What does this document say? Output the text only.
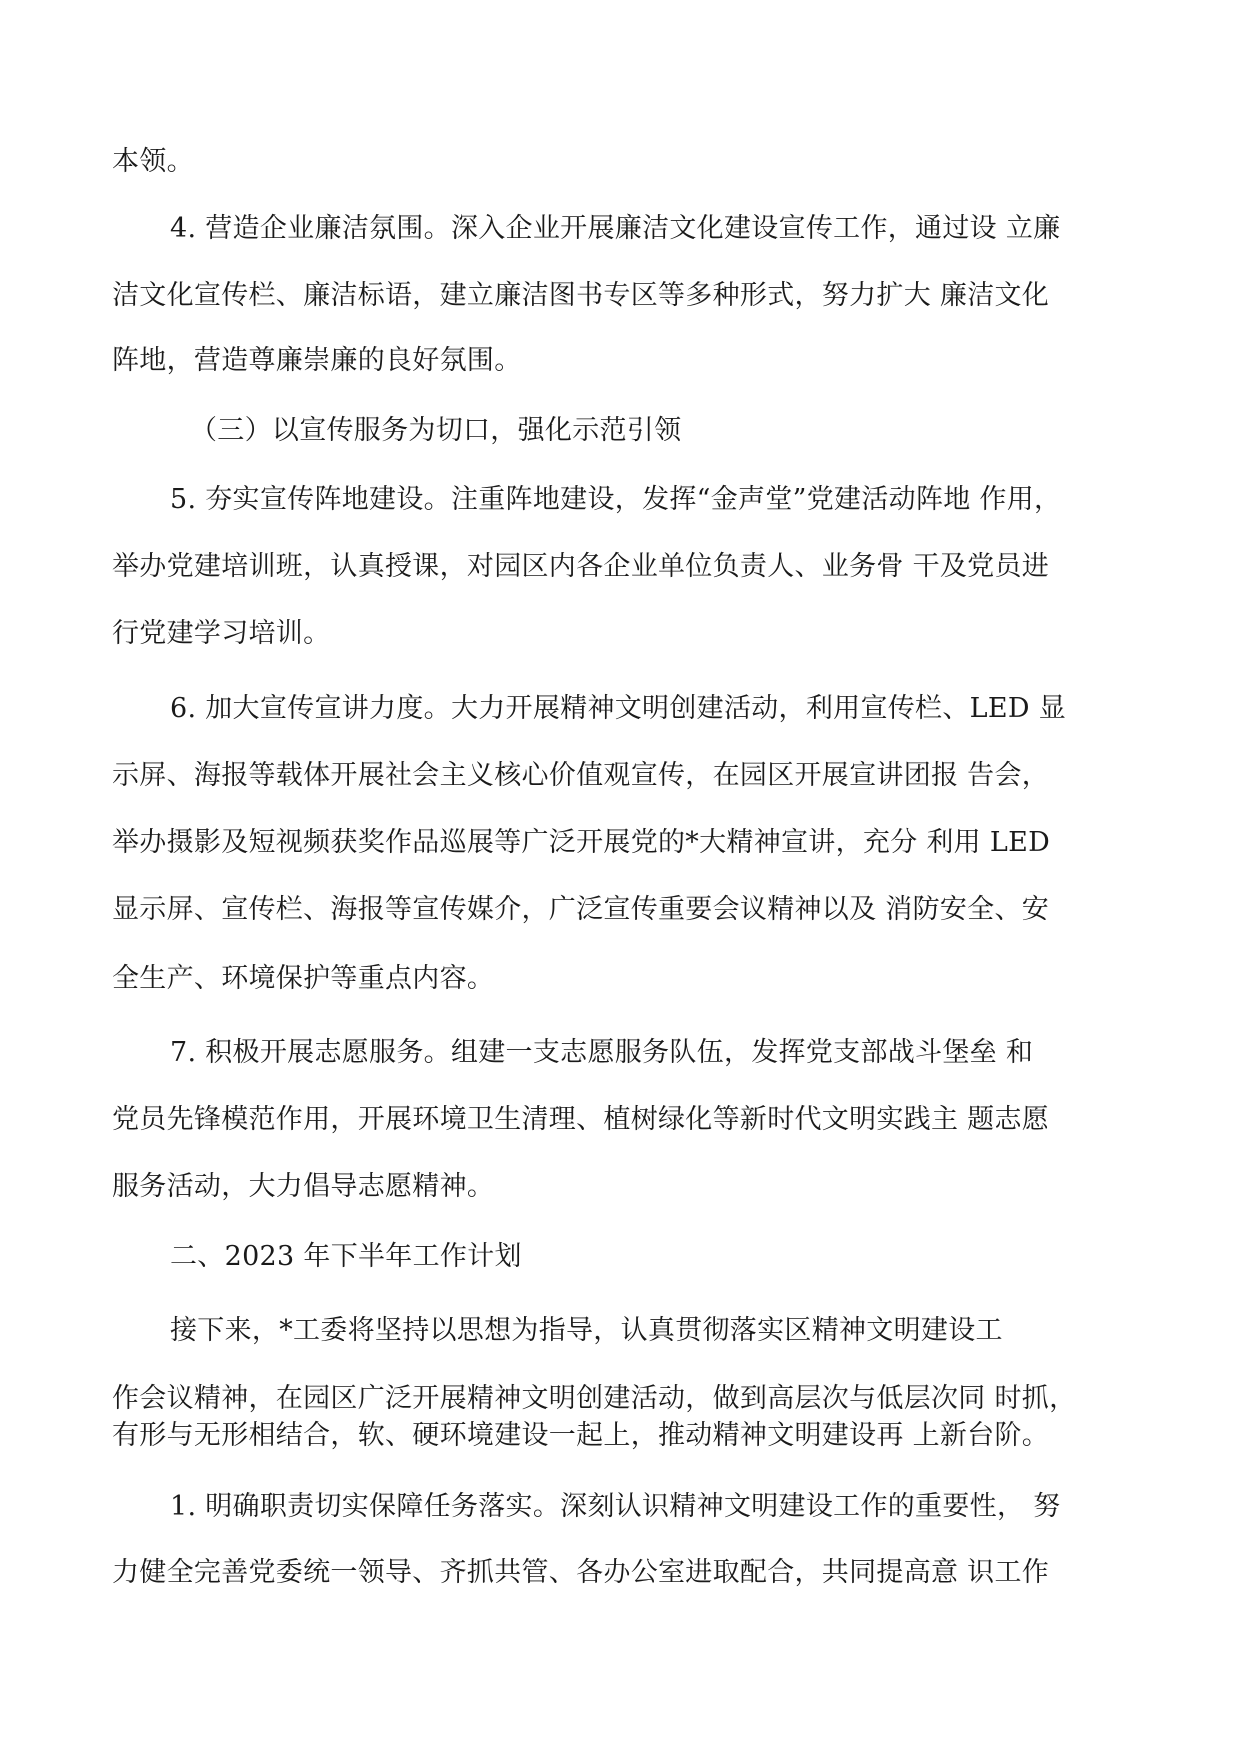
本领。

4. 营造企业廉洁氛围。深入企业开展廉洁文化建设宣传工作，通过设 立廉

洁文化宣传栏、廉洁标语，建立廉洁图书专区等多种形式，努力扩大 廉洁文化

阵地，营造尊廉崇廉的良好氛围。

（三）以宣传服务为切口，强化示范引领

5. 夯实宣传阵地建设。注重阵地建设，发挥“金声堂”党建活动阵地 作用，

举办党建培训班，认真授课，对园区内各企业单位负责人、业务骨 干及党员进

行党建学习培训。

6. 加大宣传宣讲力度。大力开展精神文明创建活动，利用宣传栏、LED 显

示屏、海报等载体开展社会主义核心价值观宣传，在园区开展宣讲团报 告会，

举办摄影及短视频获奖作品巡展等广泛开展党的*大精神宣讲，充分 利用 LED

显示屏、宣传栏、海报等宣传媒介，广泛宣传重要会议精神以及 消防安全、安

全生产、环境保护等重点内容。

7. 积极开展志愿服务。组建一支志愿服务队伍，发挥党支部战斗堡垒 和

党员先锋模范作用，开展环境卫生清理、植树绿化等新时代文明实践主 题志愿

服务活动，大力倡导志愿精神。

二、2023 年下半年工作计划

接下来，*工委将坚持以思想为指导，认真贯彻落实区精神文明建设工

作会议精神，在园区广泛开展精神文明创建活动，做到高层次与低层次同 时抓，

有形与无形相结合，软、硬环境建设一起上，推动精神文明建设再 上新台阶。

1. 明确职责切实保障任务落实。深刻认识精神文明建设工作的重要性， 努

力健全完善党委统一领导、齐抓共管、各办公室进取配合，共同提高意 识工作
